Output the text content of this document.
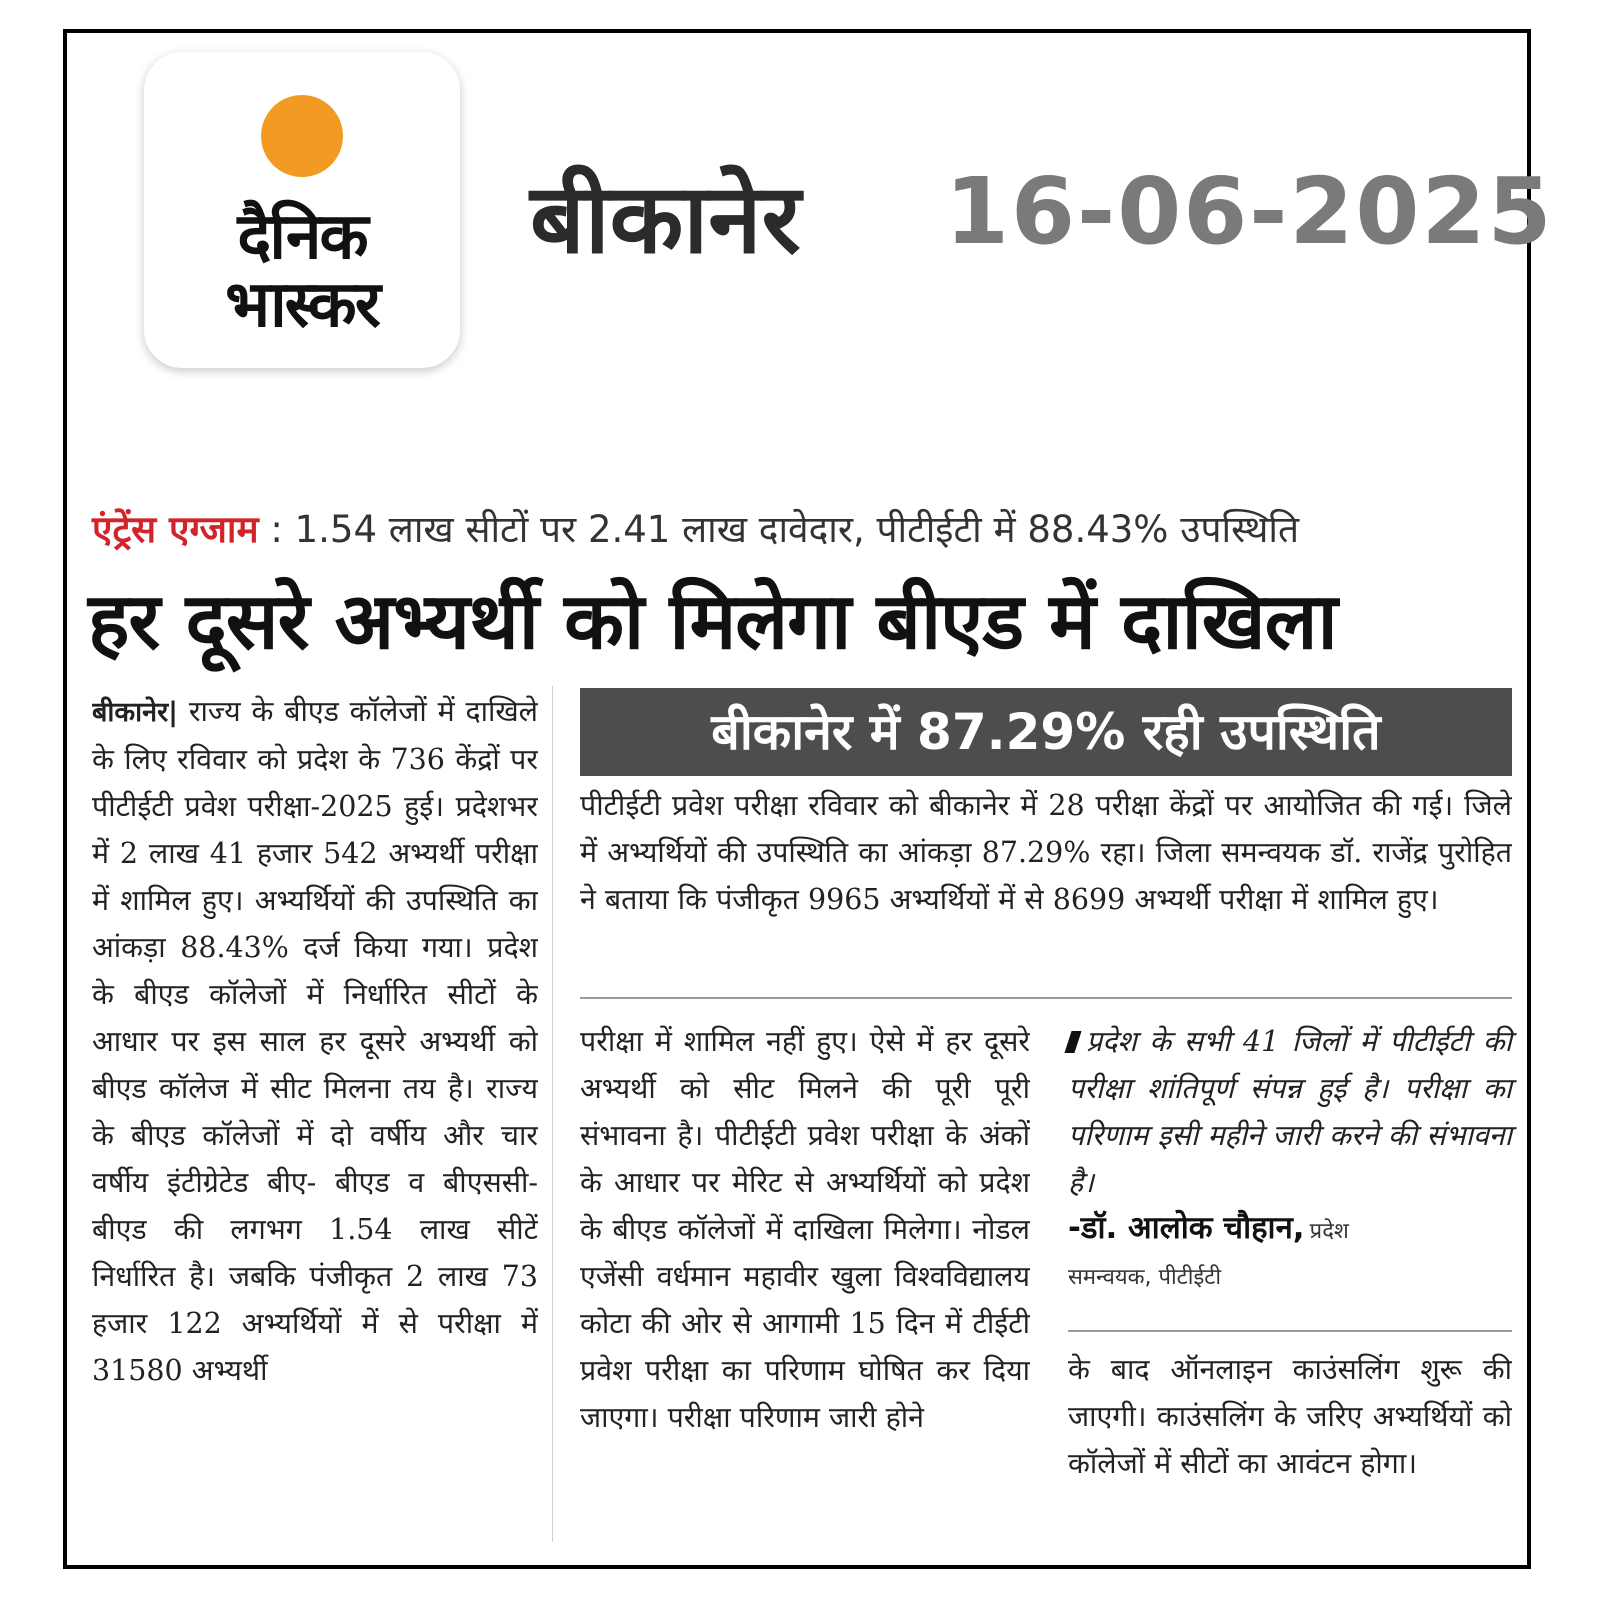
दैनिक
भास्कर
बीकानेर 16-06-2025
एंट्रेंस एग्जाम : 1.54 लाख सीटों पर 2.41 लाख दावेदार, पीटीईटी में 88.43% उपस्थिति
हर दूसरे अभ्यर्थी को मिलेगा बीएड में दाखिला

बीकानेर| राज्य के बीएड कॉलेजों में दाखिले के लिए रविवार को प्रदेश के 736 केंद्रों पर पीटीईटी प्रवेश परीक्षा-2025 हुई। प्रदेशभर में 2 लाख 41 हजार 542 अभ्यर्थी परीक्षा में शामिल हुए। अभ्यर्थियों की उपस्थिति का आंकड़ा 88.43% दर्ज किया गया। प्रदेश के बीएड कॉलेजों में निर्धारित सीटों के आधार पर इस साल हर दूसरे अभ्यर्थी को बीएड कॉलेज में सीट मिलना तय है। राज्य के बीएड कॉलेजों में दो वर्षीय और चार वर्षीय इंटीग्रेटेड बीए- बीएड व बीएससी- बीएड की लगभग 1.54 लाख सीटें निर्धारित है। जबकि पंजीकृत 2 लाख 73 हजार 122 अभ्यर्थियों में से परीक्षा में 31580 अभ्यर्थी

बीकानेर में 87.29% रही उपस्थिति

पीटीईटी प्रवेश परीक्षा रविवार को बीकानेर में 28 परीक्षा केंद्रों पर आयोजित की गई। जिले में अभ्यर्थियों की उपस्थिति का आंकड़ा 87.29% रहा। जिला समन्वयक डॉ. राजेंद्र पुरोहित ने बताया कि पंजीकृत 9965 अभ्यर्थियों में से 8699 अभ्यर्थी परीक्षा में शामिल हुए।

परीक्षा में शामिल नहीं हुए। ऐसे में हर दूसरे अभ्यर्थी को सीट मिलने की पूरी पूरी संभावना है। पीटीईटी प्रवेश परीक्षा के अंकों के आधार पर मेरिट से अभ्यर्थियों को प्रदेश के बीएड कॉलेजों में दाखिला मिलेगा। नोडल एजेंसी वर्धमान महावीर खुला विश्वविद्यालय कोटा की ओर से आगामी 15 दिन में टीईटी प्रवेश परीक्षा का परिणाम घोषित कर दिया जाएगा। परीक्षा परिणाम जारी होने

प्रदेश के सभी 41 जिलों में पीटीईटी की परीक्षा शांतिपूर्ण संपन्न हुई है। परीक्षा का परिणाम इसी महीने जारी करने की संभावना है।

-डॉ. आलोक चौहान, प्रदेश
समन्वयक, पीटीईटी

के बाद ऑनलाइन काउंसलिंग शुरू की जाएगी। काउंसलिंग के जरिए अभ्यर्थियों को कॉलेजों में सीटों का आवंटन होगा।
